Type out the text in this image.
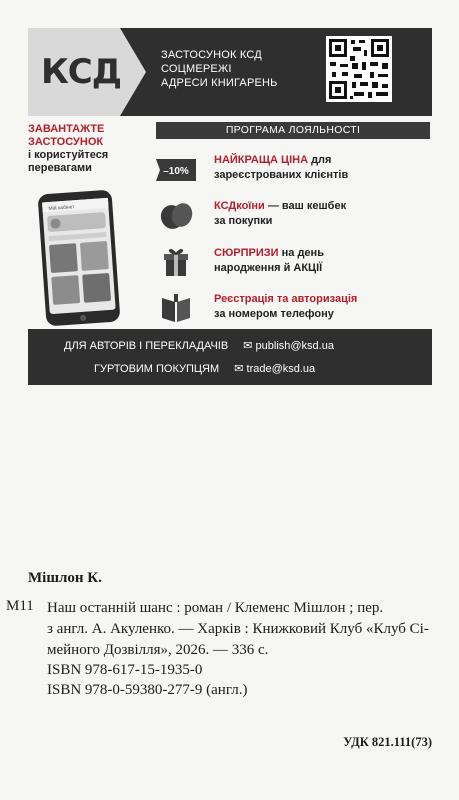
КСД	ЗАСТОСУНОК КСД
СОЦМЕРЕЖІ
АДРЕСИ КНИГАРЕНЬ
ЗАВАНТАЖТЕ
ЗАСТОСУНОК
і користуйтеся
перевагами
Мій кабінет
ПРОГРАМА ЛОЯЛЬНОСТІ
–10%
НАЙКРАЩА ЦІНА для
зареєстрованих клієнтів
КСДкоїни — ваш кешбек
за покупки
СЮРПРИЗИ на день
народження й АКЦІЇ
Реєстрація та авторизація
за номером телефону
ДЛЯ АВТОРІВ І ПЕРЕКЛАДАЧІВ ✉ publish@ksd.ua
ГУРТОВИМ ПОКУПЦЯМ ✉ trade@ksd.ua
Мішлон К.
М11 Наш останній шанс : роман / Клеменс Мішлон ; пер.
з англ. А. Акуленко. — Харків : Книжковий Клуб «Клуб Сі-
мейного Дозвілля», 2026. — 336 с.
ISBN 978-617-15-1935-0
ISBN 978-0-59380-277-9 (англ.)
УДК 821.111(73)
